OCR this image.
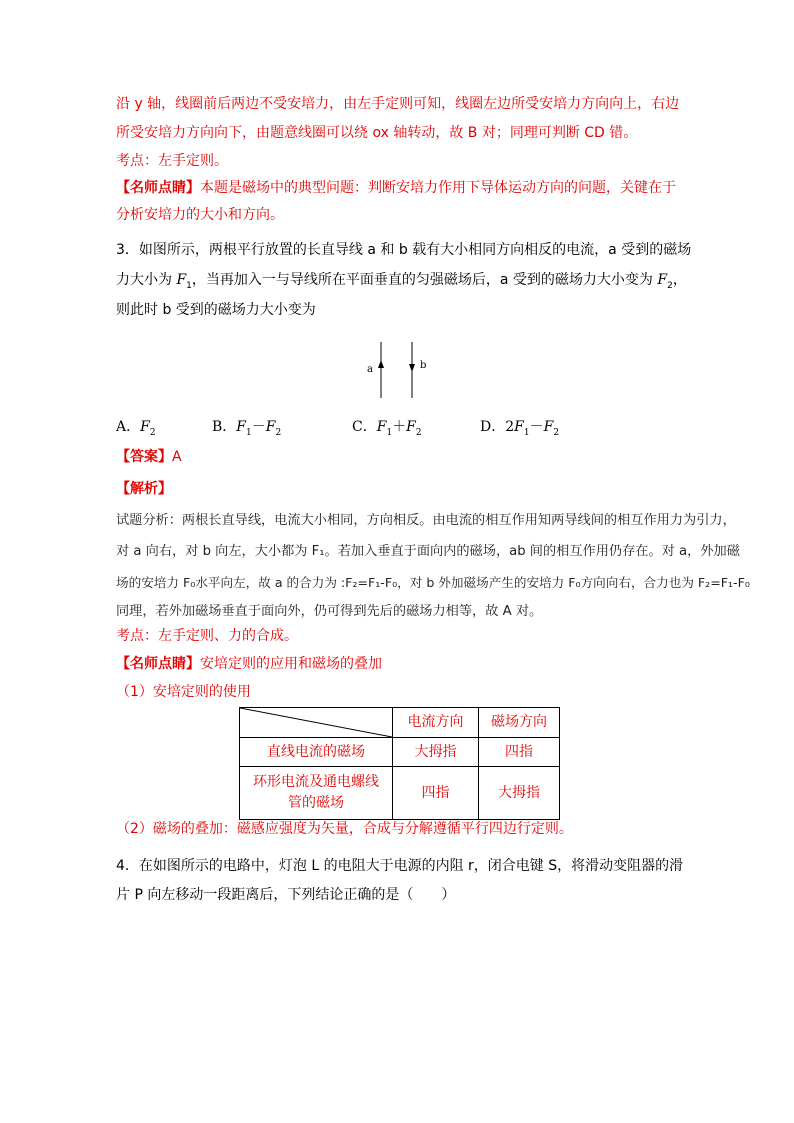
沿 y 轴，线圈前后两边不受安培力，由左手定则可知，线圈左边所受安培力方向向上，右边
所受安培力方向向下，由题意线圈可以绕 ox 轴转动，故 B 对；同理可判断 CD 错。
考点：左手定则。
【名师点睛】本题是磁场中的典型问题：判断安培力作用下导体运动方向的问题，关键在于
分析安培力的大小和方向。
3．如图所示，两根平行放置的长直导线 a 和 b 载有大小相同方向相反的电流，a 受到的磁场
力大小为 $F_1$，当再加入一与导线所在平面垂直的匀强磁场后，a 受到的磁场力大小变为 $F_2$，
则此时 b 受到的磁场力大小变为
a	b
A．$F_2$	B．$F_1-F_2$	C．$F_1+F_2$	D．$2F_1-F_2$
【答案】A
【解析】
试题分析：两根长直导线，电流大小相同，方向相反。由电流的相互作用知两导线间的相互作用力为引力，
对 a 向右，对 b 向左，大小都为 F₁。若加入垂直于面向内的磁场，ab 间的相互作用仍存在。对 a，外加磁
场的安培力 F₀水平向左，故 a 的合力为 :F₂=F₁-F₀，对 b 外加磁场产生的安培力 F₀方向向右，合力也为 F₂=F₁-F₀
同理，若外加磁场垂直于面向外，仍可得到先后的磁场力相等，故 A 对。
考点：左手定则、力的合成。
【名师点睛】安培定则的应用和磁场的叠加
（1）安培定则的使用
	电流方向	磁场方向
直线电流的磁场	大拇指	四指

环形电流及通电螺线
管的磁场	四指	大拇指
（2）磁场的叠加：磁感应强度为矢量，合成与分解遵循平行四边行定则。
4．在如图所示的电路中，灯泡 L 的电阻大于电源的内阻 r，闭合电键 S，将滑动变阻器的滑
片 P 向左移动一段距离后，下列结论正确的是（　　）
